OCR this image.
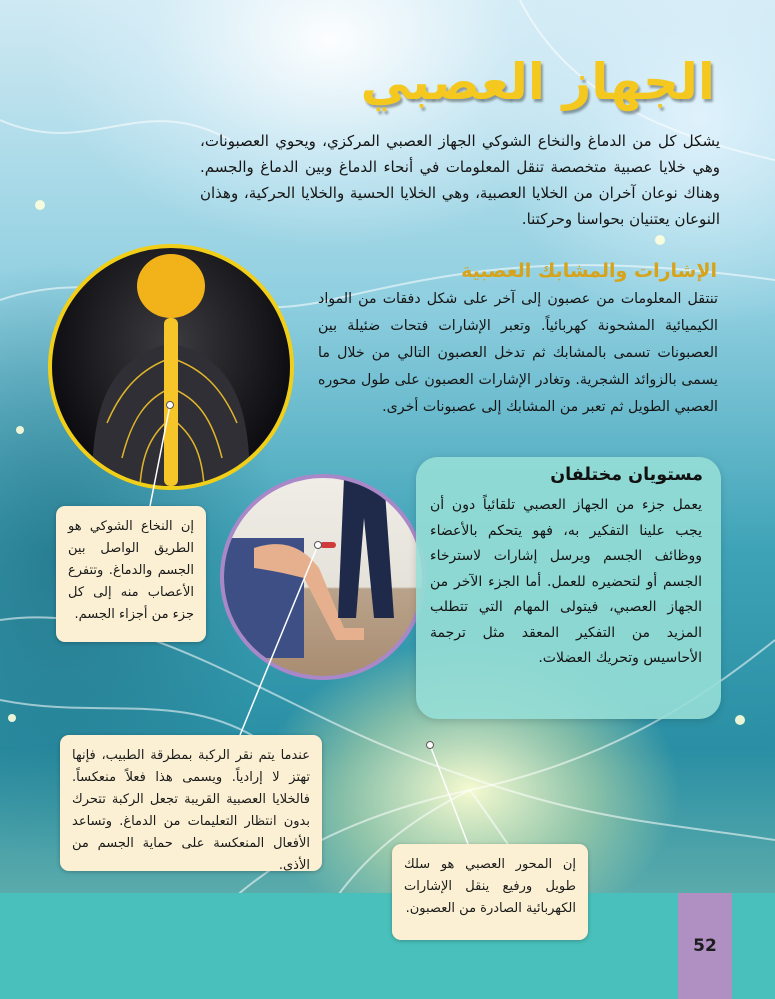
الجهاز العصبي

يشكل كل من الدماغ والنخاع الشوكي الجهاز العصبي المركزي، ويحوي العصبونات، وهي خلايا عصبية متخصصة تنقل المعلومات في أنحاء الدماغ وبين الدماغ والجسم. وهناك نوعان آخران من الخلايا العصبية، وهي الخلايا الحسية والخلايا الحركية، وهذان النوعان يعتنيان بحواسنا وحركتنا.

الإشارات والمشابك العصبية

تنتقل المعلومات من عصبون إلى آخر على شكل دفقات من المواد الكيميائية المشحونة كهربائياً. وتعبر الإشارات فتحات ضئيلة بين العصبونات تسمى بالمشابك ثم تدخل العصبون التالي من خلال ما يسمى بالزوائد الشجرية. وتغادر الإشارات العصبون على طول محوره العصبي الطويل ثم تعبر من المشابك إلى عصبونات أخرى.

مستويان مختلفان

يعمل جزء من الجهاز العصبي تلقائياً دون أن يجب علينا التفكير به، فهو يتحكم بالأعضاء ووظائف الجسم ويرسل إشارات لاسترخاء الجسم أو لتحضيره للعمل. أما الجزء الآخر من الجهاز العصبي، فيتولى المهام التي تتطلب المزيد من التفكير المعقد مثل ترجمة الأحاسيس وتحريك العضلات.

إن النخاع الشوكي هو الطريق الواصل بين الجسم والدماغ. وتتفرع الأعصاب منه إلى كل جزء من أجزاء الجسم.

عندما يتم نقر الركبة بمطرقة الطبيب، فإنها تهتز لا إرادياً. ويسمى هذا فعلاً منعكساً. فالخلايا العصبية القريبة تجعل الركبة تتحرك بدون انتظار التعليمات من الدماغ. وتساعد الأفعال المنعكسة على حماية الجسم من الأذى.

52

إن المحور العصبي هو سلك طويل ورفيع ينقل الإشارات الكهربائية الصادرة من العصبون.
